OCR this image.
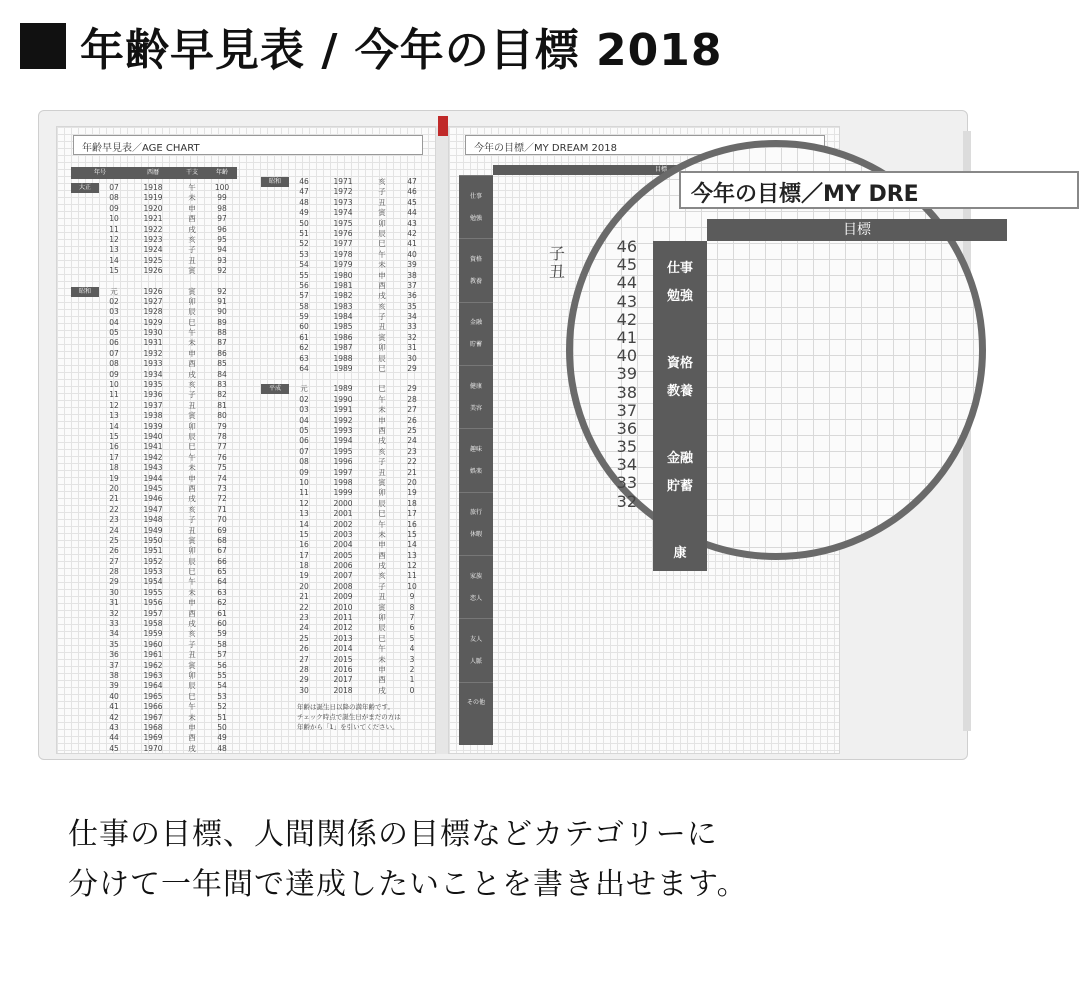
年齢早見表 / 今年の目標 2018
年齢早見表／AGE CHART
年号	西暦	干支	年齢
大正	07	1918	午	100
08	1919	未	99
09	1920	申	98
10	1921	酉	97
11	1922	戌	96
12	1923	亥	95
13	1924	子	94
14	1925	丑	93
15	1926	寅	92
昭和	元	1926	寅	92
02	1927	卯	91
03	1928	辰	90
04	1929	巳	89
05	1930	午	88
06	1931	未	87
07	1932	申	86
08	1933	酉	85
09	1934	戌	84
10	1935	亥	83
11	1936	子	82
12	1937	丑	81
13	1938	寅	80
14	1939	卯	79
15	1940	辰	78
16	1941	巳	77
17	1942	午	76
18	1943	未	75
19	1944	申	74
20	1945	酉	73
21	1946	戌	72
22	1947	亥	71
23	1948	子	70
24	1949	丑	69
25	1950	寅	68
26	1951	卯	67
27	1952	辰	66
28	1953	巳	65
29	1954	午	64
30	1955	未	63
31	1956	申	62
32	1957	酉	61
33	1958	戌	60
34	1959	亥	59
35	1960	子	58
36	1961	丑	57
37	1962	寅	56
38	1963	卯	55
39	1964	辰	54
40	1965	巳	53
41	1966	午	52
42	1967	未	51
43	1968	申	50
44	1969	酉	49
45	1970	戌	48
昭和	46	1971	亥	47
47	1972	子	46
48	1973	丑	45
49	1974	寅	44
50	1975	卯	43
51	1976	辰	42
52	1977	巳	41
53	1978	午	40
54	1979	未	39
55	1980	申	38
56	1981	酉	37
57	1982	戌	36
58	1983	亥	35
59	1984	子	34
60	1985	丑	33
61	1986	寅	32
62	1987	卯	31
63	1988	辰	30
64	1989	巳	29
平成	元	1989	巳	29
02	1990	午	28
03	1991	未	27
04	1992	申	26
05	1993	酉	25
06	1994	戌	24
07	1995	亥	23
08	1996	子	22
09	1997	丑	21
10	1998	寅	20
11	1999	卯	19
12	2000	辰	18
13	2001	巳	17
14	2002	午	16
15	2003	未	15
16	2004	申	14
17	2005	酉	13
18	2006	戌	12
19	2007	亥	11
20	2008	子	10
21	2009	丑	9
22	2010	寅	8
23	2011	卯	7
24	2012	辰	6
25	2013	巳	5
26	2014	午	4
27	2015	未	3
28	2016	申	2
29	2017	酉	1
30	2018	戌	0
年齢は誕生日以降の満年齢です。
チェック時点で誕生日がまだの方は
年齢から「1」を引いてください。
今年の目標／MY DREAM 2018
目標
仕事
勉強
資格
教養
金融
貯蓄
健康
美容
趣味
娯楽
旅行
休暇
家族
恋人
友人
人脈
その他
46
45
44
43
42
41
40
39
38
37
36
35
34
33
32
子
丑
今年の目標／MY DRE
目標
仕事
勉強
資格
教養
金融
貯蓄
康
仕事の目標、人間関係の目標などカテゴリーに
分けて一年間で達成したいことを書き出せます。
